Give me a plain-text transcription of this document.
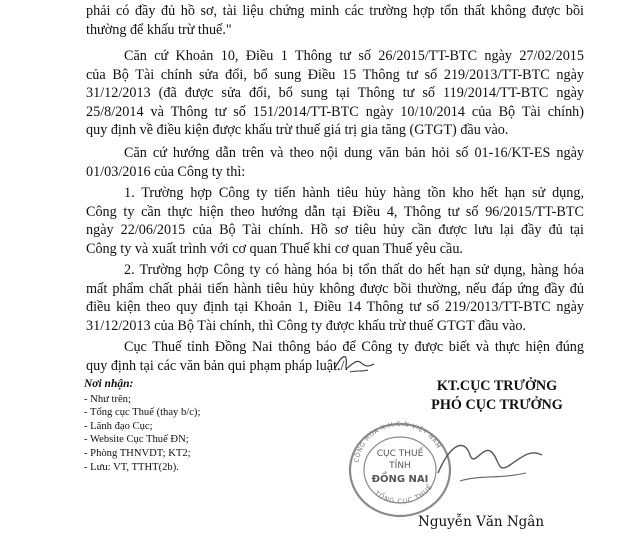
phải có đầy đủ hồ sơ, tài liệu chứng minh các trường hợp tổn thất không được bồi
thường để khấu trừ thuế."

Căn cứ Khoản 10, Điều 1 Thông tư số 26/2015/TT-BTC ngày 27/02/2015
của Bộ Tài chính sửa đổi, bổ sung Điều 15 Thông tư số 219/2013/TT-BTC ngày
31/12/2013 (đã được sửa đổi, bổ sung tại Thông tư số 119/2014/TT-BTC ngày
25/8/2014 và Thông tư số 151/2014/TT-BTC ngày 10/10/2014 của Bộ Tài chính)
quy định về điều kiện được khấu trừ thuế giá trị gia tăng (GTGT) đầu vào.

Căn cứ hướng dẫn trên và theo nội dung văn bản hỏi số 01-16/KT-ES ngày
01/03/2016 của Công ty thì:

1. Trường hợp Công ty tiến hành tiêu hủy hàng tồn kho hết hạn sử dụng,
Công ty cần thực hiện theo hướng dẫn tại Điều 4, Thông tư số 96/2015/TT-BTC
ngày 22/06/2015 của Bộ Tài chính. Hồ sơ tiêu hủy cần được lưu lại đầy đủ tại
Công ty và xuất trình với cơ quan Thuế khi cơ quan Thuế yêu cầu.

2. Trường hợp Công ty có hàng hóa bị tổn thất do hết hạn sử dụng, hàng hóa
mất phẩm chất phải tiến hành tiêu hủy không được bồi thường, nếu đáp ứng đầy đủ
điều kiện theo quy định tại Khoản 1, Điều 14 Thông tư số 219/2013/TT-BTC ngày
31/12/2013 của Bộ Tài chính, thì Công ty được khấu trừ thuế GTGT đầu vào.

Cục Thuế tỉnh Đồng Nai thông báo để Công ty được biết và thực hiện đúng
quy định tại các văn bản qui phạm pháp luật./.

Nơi nhận:
- Như trên;
- Tổng cục Thuế (thay b/c);
- Lãnh đạo Cục;
- Website Cục Thuế ĐN;
- Phòng THNVDT; KT2;
- Lưu: VT, TTHT(2b).
KT.CỤC TRƯỞNG
PHÓ CỤC TRƯỞNG
CỘNG HÒA X.H.C.N VIỆT NAM
TỔNG CỤC THUẾ
CỤC THUẾ
TỈNH
ĐỒNG NAI
Nguyễn Văn Ngân
